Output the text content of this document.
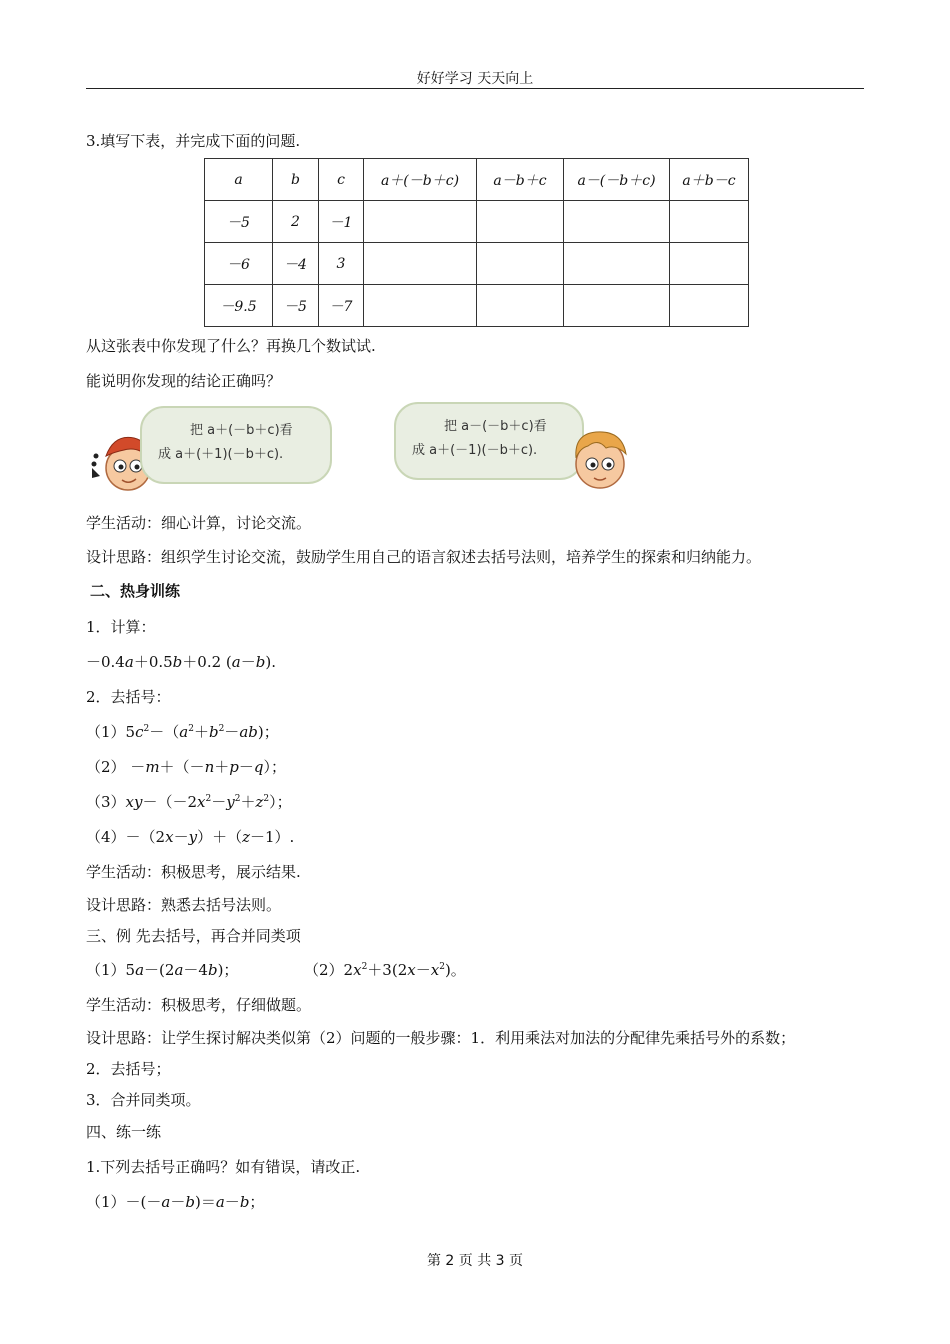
好好学习 天天向上
3.填写下表，并完成下面的问题.
a	b	c	a＋(－b＋c)	a－b＋c	a－(－b＋c)	a＋b－c
－5	2	－1				
－6	－4	3				
－9.5	－5	－7				
从这张表中你发现了什么？再换几个数试试.
能说明你发现的结论正确吗？
把 a＋(－b＋c)看
成 a＋(＋1)(－b＋c).
把 a－(－b＋c)看
成 a＋(－1)(－b＋c).
学生活动：细心计算，讨论交流。
设计思路：组织学生讨论交流，鼓励学生用自己的语言叙述去括号法则，培养学生的探索和归纳能力。
二、热身训练
1．计算：
－0.4a＋0.5b＋0.2 (a－b).
2．去括号：
$(1)5c^2-(a^2+b^2-ab)$；
（2） －m＋（－n＋p－q）；
$(3)xy-(-2x^2-y^2+z^2)$；
（4）－（2x－y）＋（z－1）.
学生活动：积极思考，展示结果.
设计思路：熟悉去括号法则。
三、例 先去括号，再合并同类项
（1）5a－(2a－4b)；	$(2)2x^2+3(2x-x^2)$。
学生活动：积极思考，仔细做题。
设计思路：让学生探讨解决类似第（2）问题的一般步骤：1．利用乘法对加法的分配律先乘括号外的系数；
2．去括号；
3．合并同类项。
四、练一练
1.下列去括号正确吗？如有错误，请改正.
（1）－(－a－b)＝a－b；
第 2 页 共 3 页
